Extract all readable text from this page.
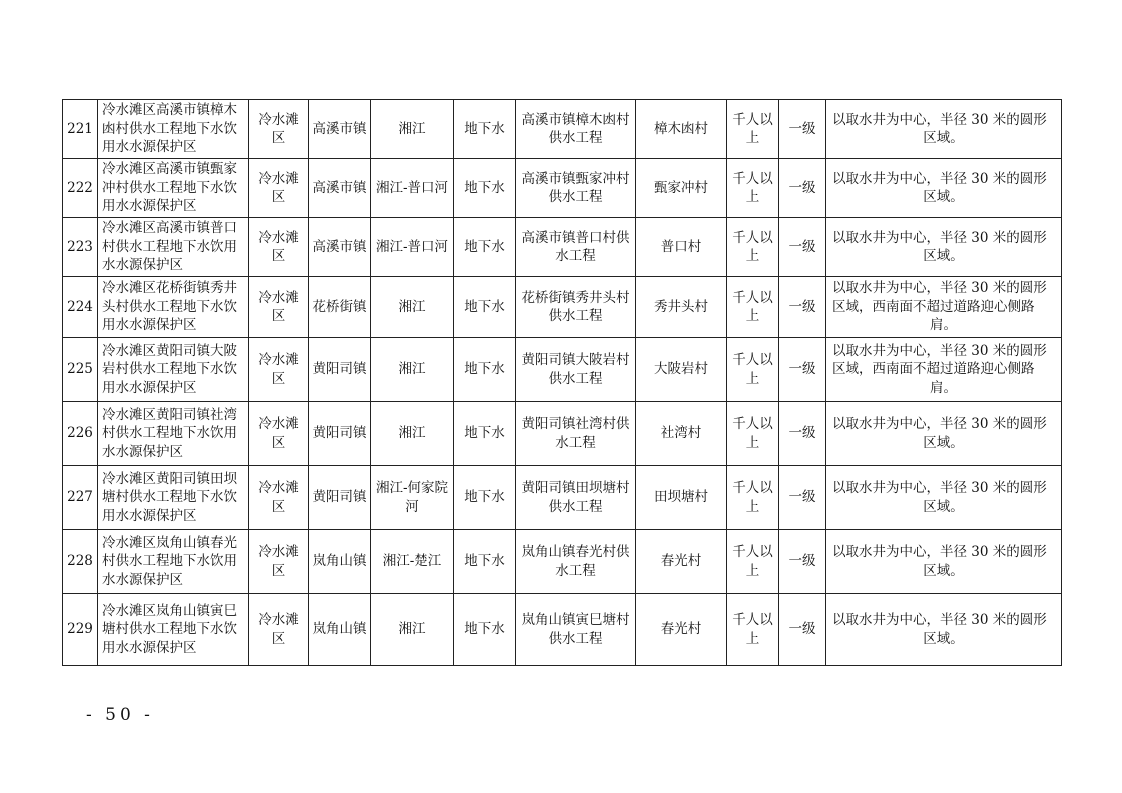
221	冷水滩区高溪市镇樟木凼村供水工程地下水饮用水水源保护区	冷水滩区	高溪市镇	湘江	地下水	高溪市镇樟木凼村供水工程	樟木凼村	千人以上	一级	以取水井为中心，半径 30 米的圆形区域。
222	冷水滩区高溪市镇甄家冲村供水工程地下水饮用水水源保护区	冷水滩区	高溪市镇	湘江-普口河	地下水	高溪市镇甄家冲村供水工程	甄家冲村	千人以上	一级	以取水井为中心，半径 30 米的圆形区域。
223	冷水滩区高溪市镇普口村供水工程地下水饮用水水源保护区	冷水滩区	高溪市镇	湘江-普口河	地下水	高溪市镇普口村供水工程	普口村	千人以上	一级	以取水井为中心，半径 30 米的圆形区域。
224	冷水滩区花桥街镇秀井头村供水工程地下水饮用水水源保护区	冷水滩区	花桥街镇	湘江	地下水	花桥街镇秀井头村供水工程	秀井头村	千人以上	一级	以取水井为中心，半径 30 米的圆形区域，西南面不超过道路迎心侧路肩。
225	冷水滩区黄阳司镇大陂岩村供水工程地下水饮用水水源保护区	冷水滩区	黄阳司镇	湘江	地下水	黄阳司镇大陂岩村供水工程	大陂岩村	千人以上	一级	以取水井为中心，半径 30 米的圆形区域，西南面不超过道路迎心侧路肩。
226	冷水滩区黄阳司镇社湾村供水工程地下水饮用水水源保护区	冷水滩区	黄阳司镇	湘江	地下水	黄阳司镇社湾村供水工程	社湾村	千人以上	一级	以取水井为中心，半径 30 米的圆形区域。
227	冷水滩区黄阳司镇田坝塘村供水工程地下水饮用水水源保护区	冷水滩区	黄阳司镇	湘江-何家院河	地下水	黄阳司镇田坝塘村供水工程	田坝塘村	千人以上	一级	以取水井为中心，半径 30 米的圆形区域。
228	冷水滩区岚角山镇春光村供水工程地下水饮用水水源保护区	冷水滩区	岚角山镇	湘江-楚江	地下水	岚角山镇春光村供水工程	春光村	千人以上	一级	以取水井为中心，半径 30 米的圆形区域。
229	冷水滩区岚角山镇寅巳塘村供水工程地下水饮用水水源保护区	冷水滩区	岚角山镇	湘江	地下水	岚角山镇寅巳塘村供水工程	春光村	千人以上	一级	以取水井为中心，半径 30 米的圆形区域。
- 50 -
